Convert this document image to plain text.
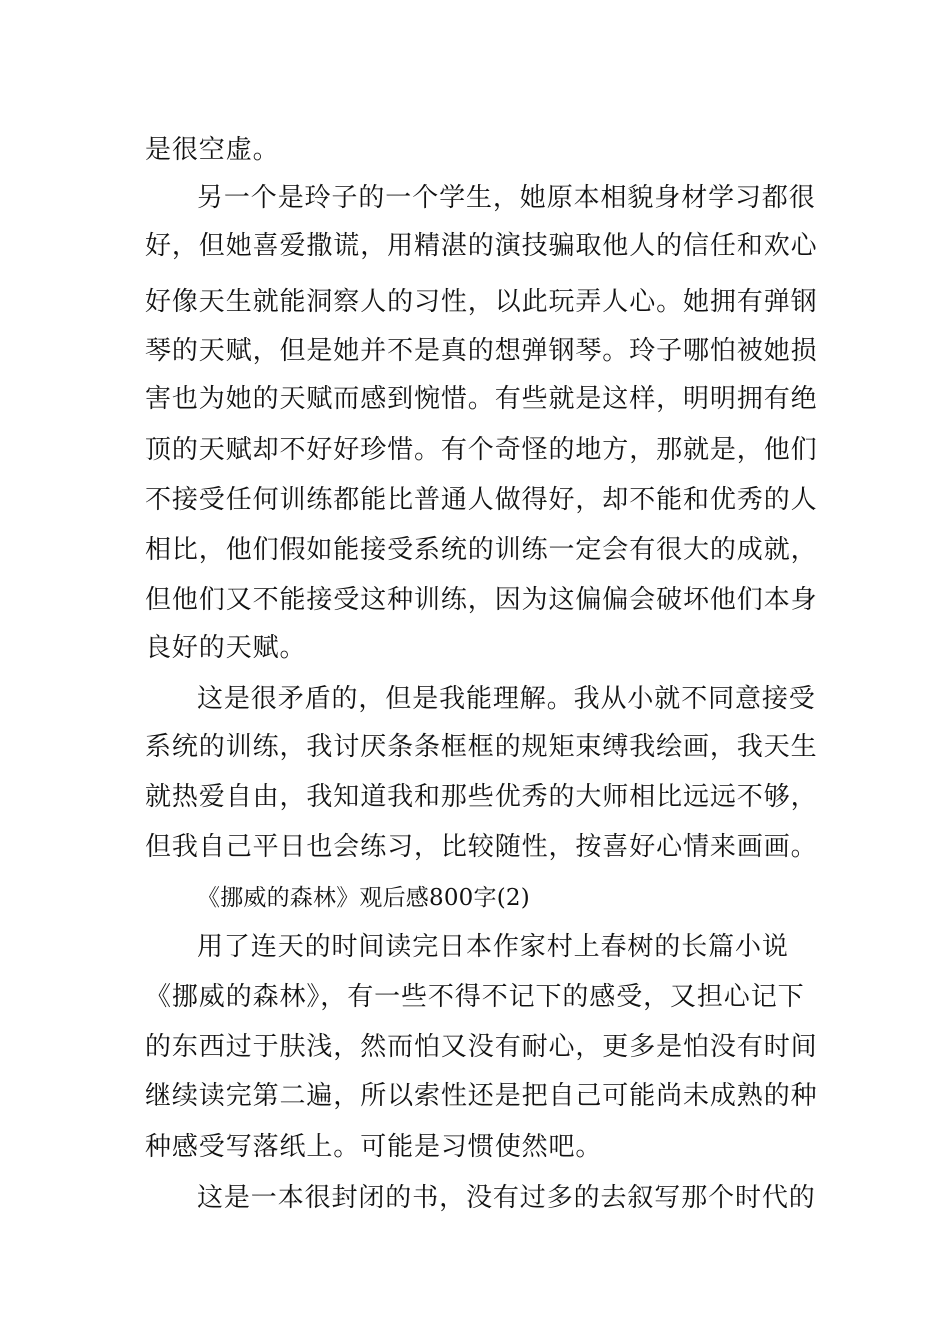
是很空虚。
另一个是玲子的一个学生，她原本相貌身材学习都很
好，但她喜爱撒谎，用精湛的演技骗取他人的信任和欢心
好像天生就能洞察人的习性，以此玩弄人心。她拥有弹钢
琴的天赋，但是她并不是真的想弹钢琴。玲子哪怕被她损
害也为她的天赋而感到惋惜。有些就是这样，明明拥有绝
顶的天赋却不好好珍惜。有个奇怪的地方，那就是，他们
不接受任何训练都能比普通人做得好，却不能和优秀的人
相比，他们假如能接受系统的训练一定会有很大的成就，
但他们又不能接受这种训练，因为这偏偏会破坏他们本身
良好的天赋。
这是很矛盾的，但是我能理解。我从小就不同意接受
系统的训练，我讨厌条条框框的规矩束缚我绘画，我天生
就热爱自由，我知道我和那些优秀的大师相比远远不够，
但我自己平日也会练习，比较随性，按喜好心情来画画。
《挪威的森林》观后感800字(2)
用了连天的时间读完日本作家村上春树的长篇小说
《挪威的森林》，有一些不得不记下的感受，又担心记下
的东西过于肤浅，然而怕又没有耐心，更多是怕没有时间
继续读完第二遍，所以索性还是把自己可能尚未成熟的种
种感受写落纸上。可能是习惯使然吧。
这是一本很封闭的书，没有过多的去叙写那个时代的
